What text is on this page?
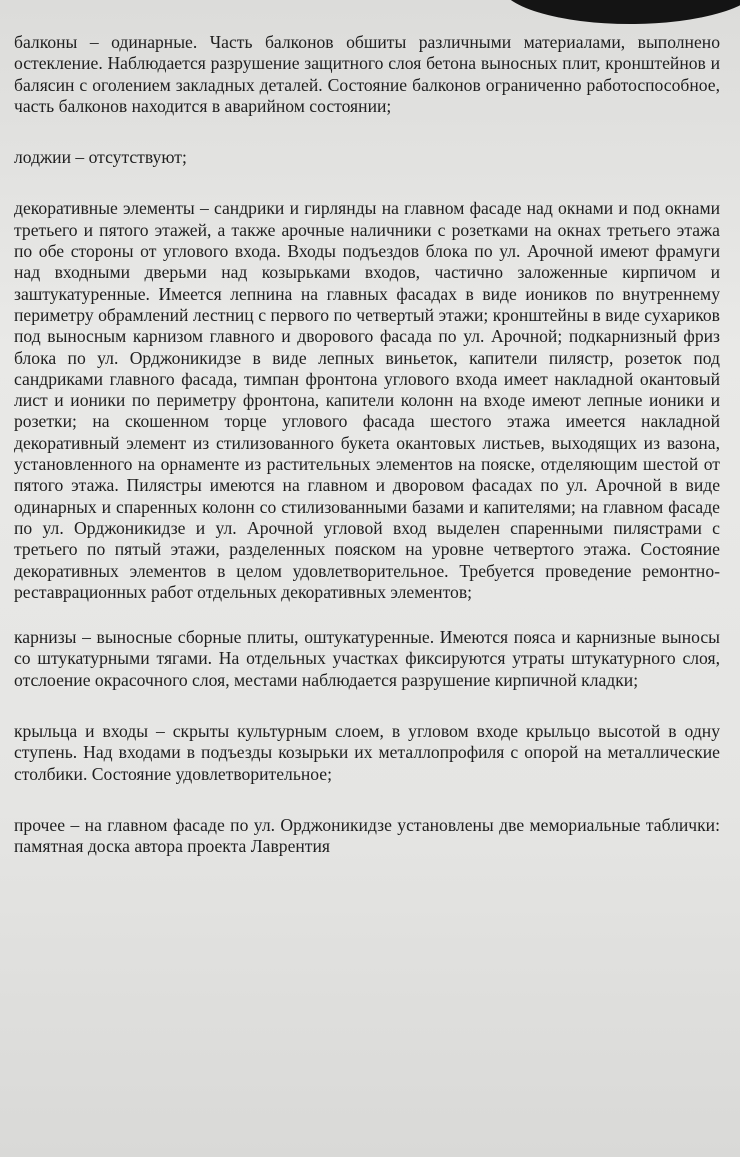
балконы – одинарные. Часть балконов обшиты различными материалами, выполнено остекление. Наблюдается разрушение защитного слоя бетона выносных плит, кронштейнов и балясин с оголением закладных деталей. Состояние балконов ограниченно работоспособное, часть балконов находится в аварийном состоянии;

лоджии – отсутствуют;

декоративные элементы – сандрики и гирлянды на главном фасаде над окнами и под окнами третьего и пятого этажей, а также арочные наличники с розетками на окнах третьего этажа по обе стороны от углового входа. Входы подъездов блока по ул. Арочной имеют фрамуги над входными дверьми над козырьками входов, частично заложенные кирпичом и заштукатуренные. Имеется лепнина на главных фасадах в виде иоников по внутреннему периметру обрамлений лестниц с первого по четвертый этажи; кронштейны в виде сухариков под выносным карнизом главного и дворового фасада по ул. Арочной; подкарнизный фриз блока по ул. Орджоникидзе в виде лепных виньеток, капители пилястр, розеток под сандриками главного фасада, тимпан фронтона углового входа имеет накладной окантовый лист и ионики по периметру фронтона, капители колонн на входе имеют лепные ионики и розетки; на скошенном торце углового фасада шестого этажа имеется накладной декоративный элемент из стилизованного букета окантовых листьев, выходящих из вазона, установленного на орнаменте из растительных элементов на пояске, отделяющим шестой от пятого этажа. Пилястры имеются на главном и дворовом фасадах по ул. Арочной в виде одинарных и спаренных колонн со стилизованными базами и капителями; на главном фасаде по ул. Орджоникидзе и ул. Арочной угловой вход выделен спаренными пилястрами с третьего по пятый этажи, разделенных пояском на уровне четвертого этажа. Состояние декоративных элементов в целом удовлетворительное. Требуется проведение ремонтно-реставрационных работ отдельных декоративных элементов;

карнизы – выносные сборные плиты, оштукатуренные. Имеются пояса и карнизные выносы со штукатурными тягами. На отдельных участках фиксируются утраты штукатурного слоя, отслоение окрасочного слоя, местами наблюдается разрушение кирпичной кладки;

крыльца и входы – скрыты культурным слоем, в угловом входе крыльцо высотой в одну ступень. Над входами в подъезды козырьки их металлопрофиля с опорой на металлические столбики. Состояние удовлетворительное;

прочее – на главном фасаде по ул. Орджоникидзе установлены две мемориальные таблички: памятная доска автора проекта Лаврентия
